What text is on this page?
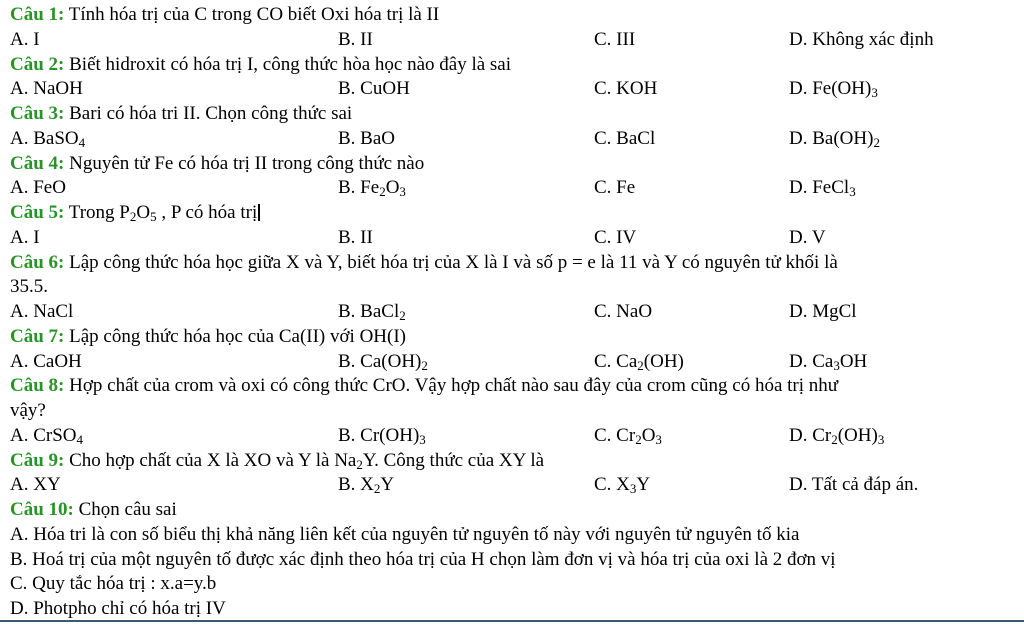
Câu 1: Tính hóa trị của C trong CO biết Oxi hóa trị là II
A. I	B. II	C. III	D. Không xác định
Câu 2: Biết hidroxit có hóa trị I, công thức hòa học nào đây là sai
A. NaOH	B. CuOH	C. KOH	D. $Fe(OH)_3$
Câu 3: Bari có hóa tri II. Chọn công thức sai
A. BaSO$_4$	B. BaO	C. BaCl	D. $Ba(OH)_2$
Câu 4: Nguyên tử Fe có hóa trị II trong công thức nào
A. FeO	B. $Fe_2O_3$	C. Fe	D. FeCl$_3$
Câu 5: Trong $P_2O_5$ , P có hóa trị
A. I	B. II	C. IV	D. V
Câu 6: Lập công thức hóa học giữa X và Y, biết hóa trị của X là I và số p = e là 11 và Y có nguyên tử khối là
35.5.
A. NaCl	B. BaCl$_2$	C. NaO	D. MgCl
Câu 7: Lập công thức hóa học của Ca(II) với OH(I)
A. CaOH	B. $Ca(OH)_2$	C. $Ca_2(OH)$	D. $Ca_3OH$
Câu 8: Hợp chất của crom và oxi có công thức CrO. Vậy hợp chất nào sau đây của crom cũng có hóa trị như
vậy?
A. CrSO$_4$	B. $Cr(OH)_3$	C. $Cr_2O_3$	D. $Cr_2(OH)_3$
Câu 9: Cho hợp chất của X là XO và Y là $Na_2Y$. Công thức của XY là
A. XY	B. $X_2Y$	C. $X_3Y$	D. Tất cả đáp án.
Câu 10: Chọn câu sai
A. Hóa tri là con số biểu thị khả năng liên kết của nguyên tử nguyên tố này với nguyên tử nguyên tố kia
B. Hoá trị của một nguyên tố được xác định theo hóa trị của H chọn làm đơn vị và hóa trị của oxi là 2 đơn vị
C. Quy tắc hóa trị : x.a=y.b
D. Photpho chỉ có hóa trị IV
